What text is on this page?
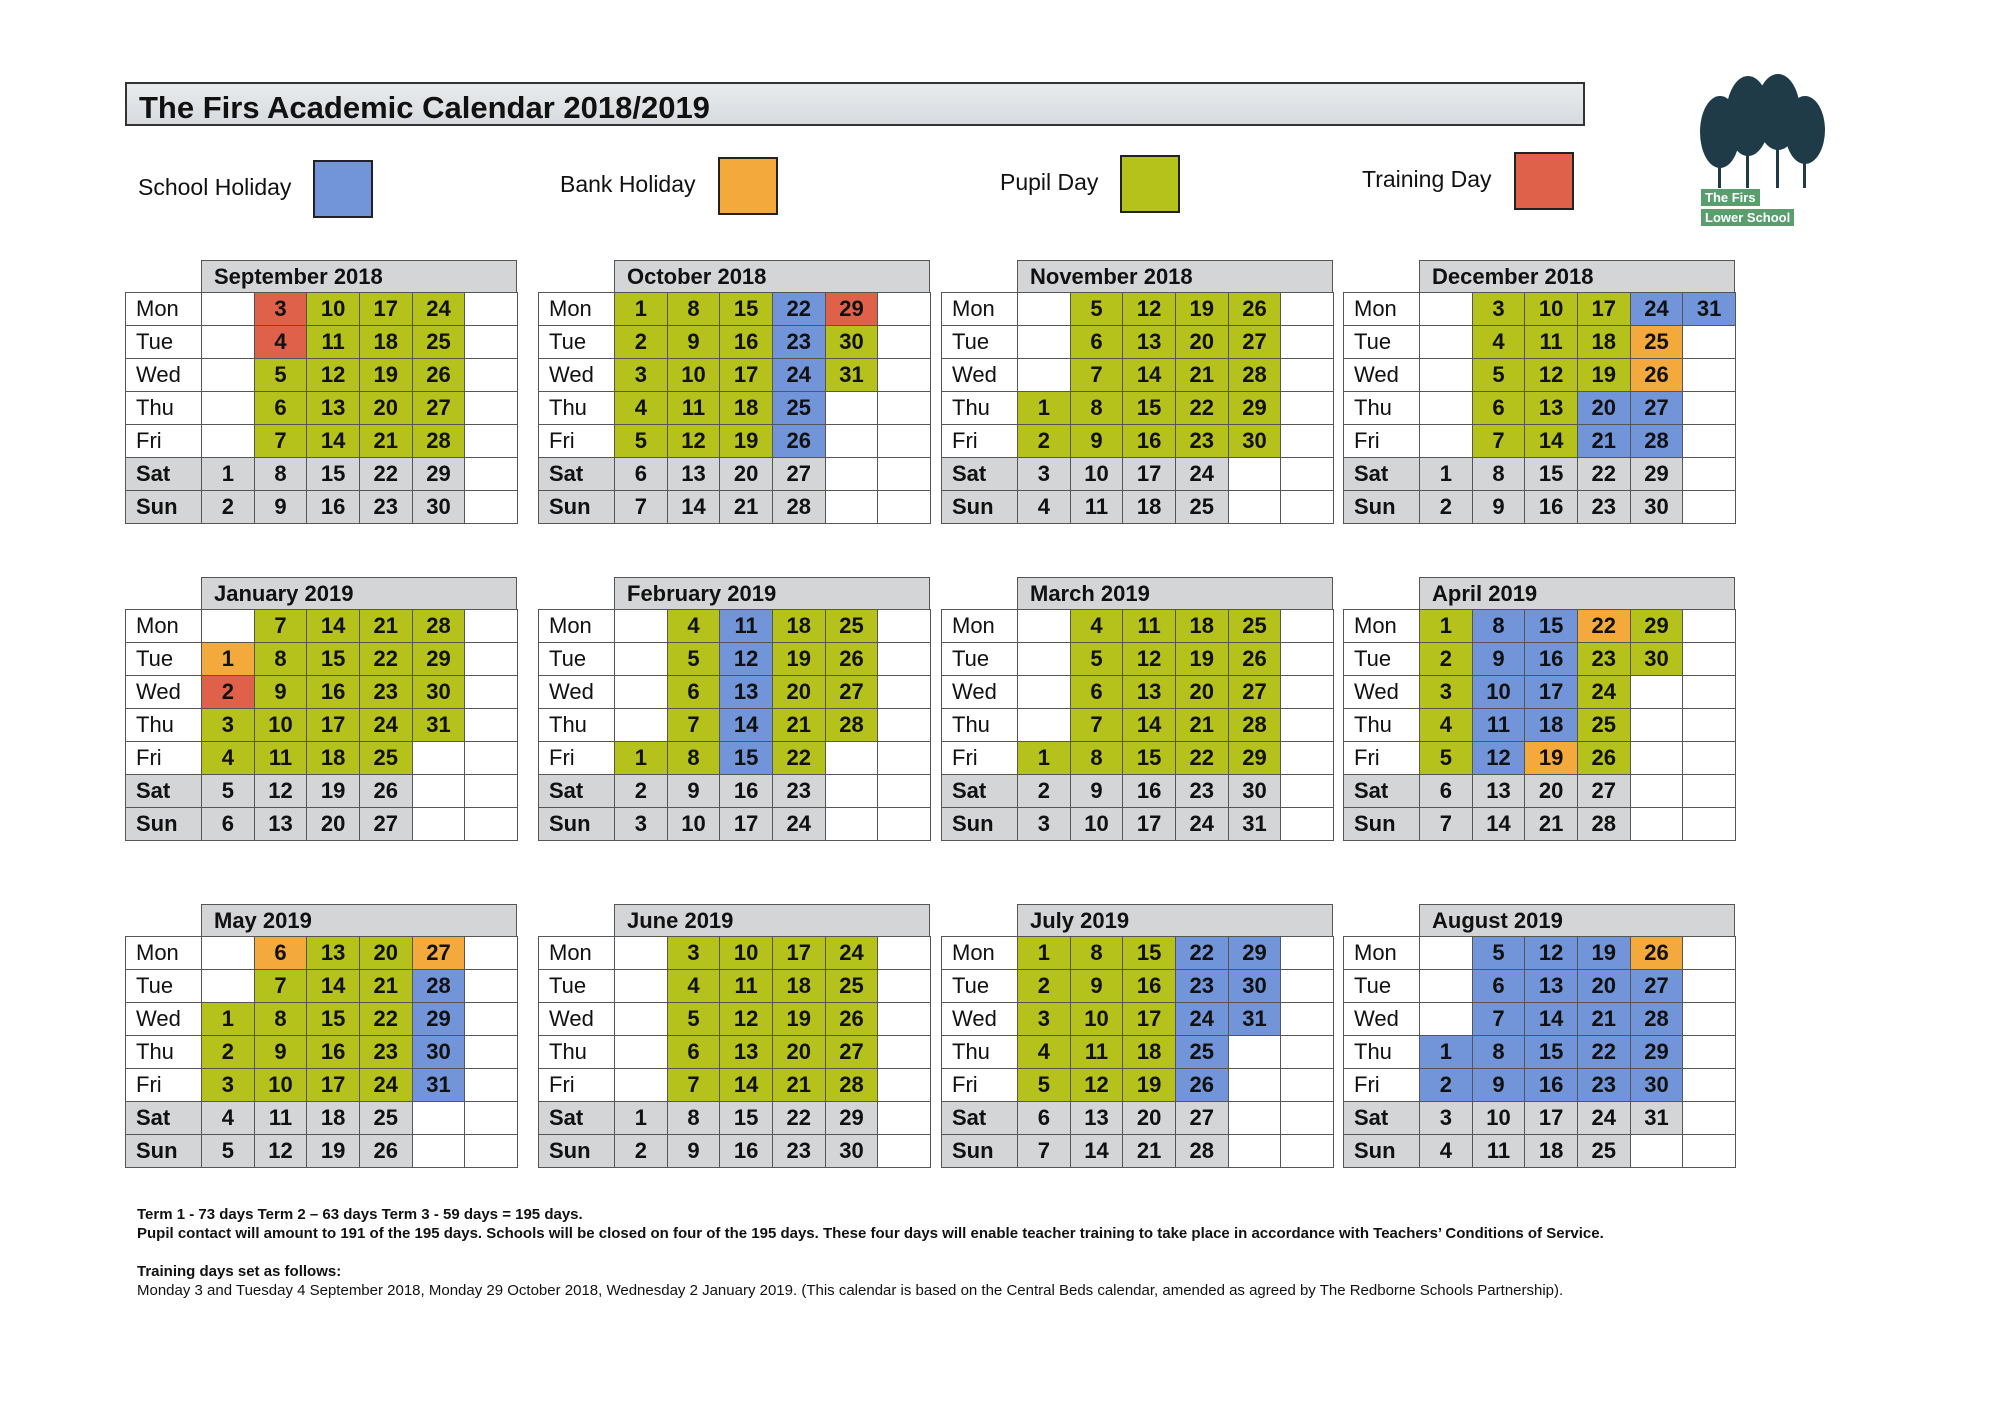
The Firs Academic Calendar 2018/2019
School Holiday	Bank Holiday	Pupil Day	Training Day
The Firs
Lower School
September 2018
Mon		3	10	17	24	
Tue		4	11	18	25	
Wed		5	12	19	26	
Thu		6	13	20	27	
Fri		7	14	21	28	
Sat	1	8	15	22	29	
Sun	2	9	16	23	30	
October 2018
Mon	1	8	15	22	29	
Tue	2	9	16	23	30	
Wed	3	10	17	24	31	
Thu	4	11	18	25		
Fri	5	12	19	26		
Sat	6	13	20	27		
Sun	7	14	21	28		
November 2018
Mon		5	12	19	26	
Tue		6	13	20	27	
Wed		7	14	21	28	
Thu	1	8	15	22	29	
Fri	2	9	16	23	30	
Sat	3	10	17	24		
Sun	4	11	18	25		
December 2018
Mon		3	10	17	24	31
Tue		4	11	18	25	
Wed		5	12	19	26	
Thu		6	13	20	27	
Fri		7	14	21	28	
Sat	1	8	15	22	29	
Sun	2	9	16	23	30	
January 2019
Mon		7	14	21	28	
Tue	1	8	15	22	29	
Wed	2	9	16	23	30	
Thu	3	10	17	24	31	
Fri	4	11	18	25		
Sat	5	12	19	26		
Sun	6	13	20	27		
February 2019
Mon		4	11	18	25	
Tue		5	12	19	26	
Wed		6	13	20	27	
Thu		7	14	21	28	
Fri	1	8	15	22		
Sat	2	9	16	23		
Sun	3	10	17	24		
March 2019
Mon		4	11	18	25	
Tue		5	12	19	26	
Wed		6	13	20	27	
Thu		7	14	21	28	
Fri	1	8	15	22	29	
Sat	2	9	16	23	30	
Sun	3	10	17	24	31	
April 2019
Mon	1	8	15	22	29	
Tue	2	9	16	23	30	
Wed	3	10	17	24		
Thu	4	11	18	25		
Fri	5	12	19	26		
Sat	6	13	20	27		
Sun	7	14	21	28		
May 2019
Mon		6	13	20	27	
Tue		7	14	21	28	
Wed	1	8	15	22	29	
Thu	2	9	16	23	30	
Fri	3	10	17	24	31	
Sat	4	11	18	25		
Sun	5	12	19	26		
June 2019
Mon		3	10	17	24	
Tue		4	11	18	25	
Wed		5	12	19	26	
Thu		6	13	20	27	
Fri		7	14	21	28	
Sat	1	8	15	22	29	
Sun	2	9	16	23	30	
July 2019
Mon	1	8	15	22	29	
Tue	2	9	16	23	30	
Wed	3	10	17	24	31	
Thu	4	11	18	25		
Fri	5	12	19	26		
Sat	6	13	20	27		
Sun	7	14	21	28		
August 2019
Mon		5	12	19	26	
Tue		6	13	20	27	
Wed		7	14	21	28	
Thu	1	8	15	22	29	
Fri	2	9	16	23	30	
Sat	3	10	17	24	31	
Sun	4	11	18	25		

Term 1 - 73 days Term 2 – 63 days Term 3 - 59 days = 195 days.

Pupil contact will amount to 191 of the 195 days. Schools will be closed on four of the 195 days. These four days will enable teacher training to take place in accordance with Teachers’ Conditions of Service.

Training days set as follows:

Monday 3 and Tuesday 4 September 2018, Monday 29 October 2018, Wednesday 2 January 2019. (This calendar is based on the Central Beds calendar, amended as agreed by The Redborne Schools Partnership).
